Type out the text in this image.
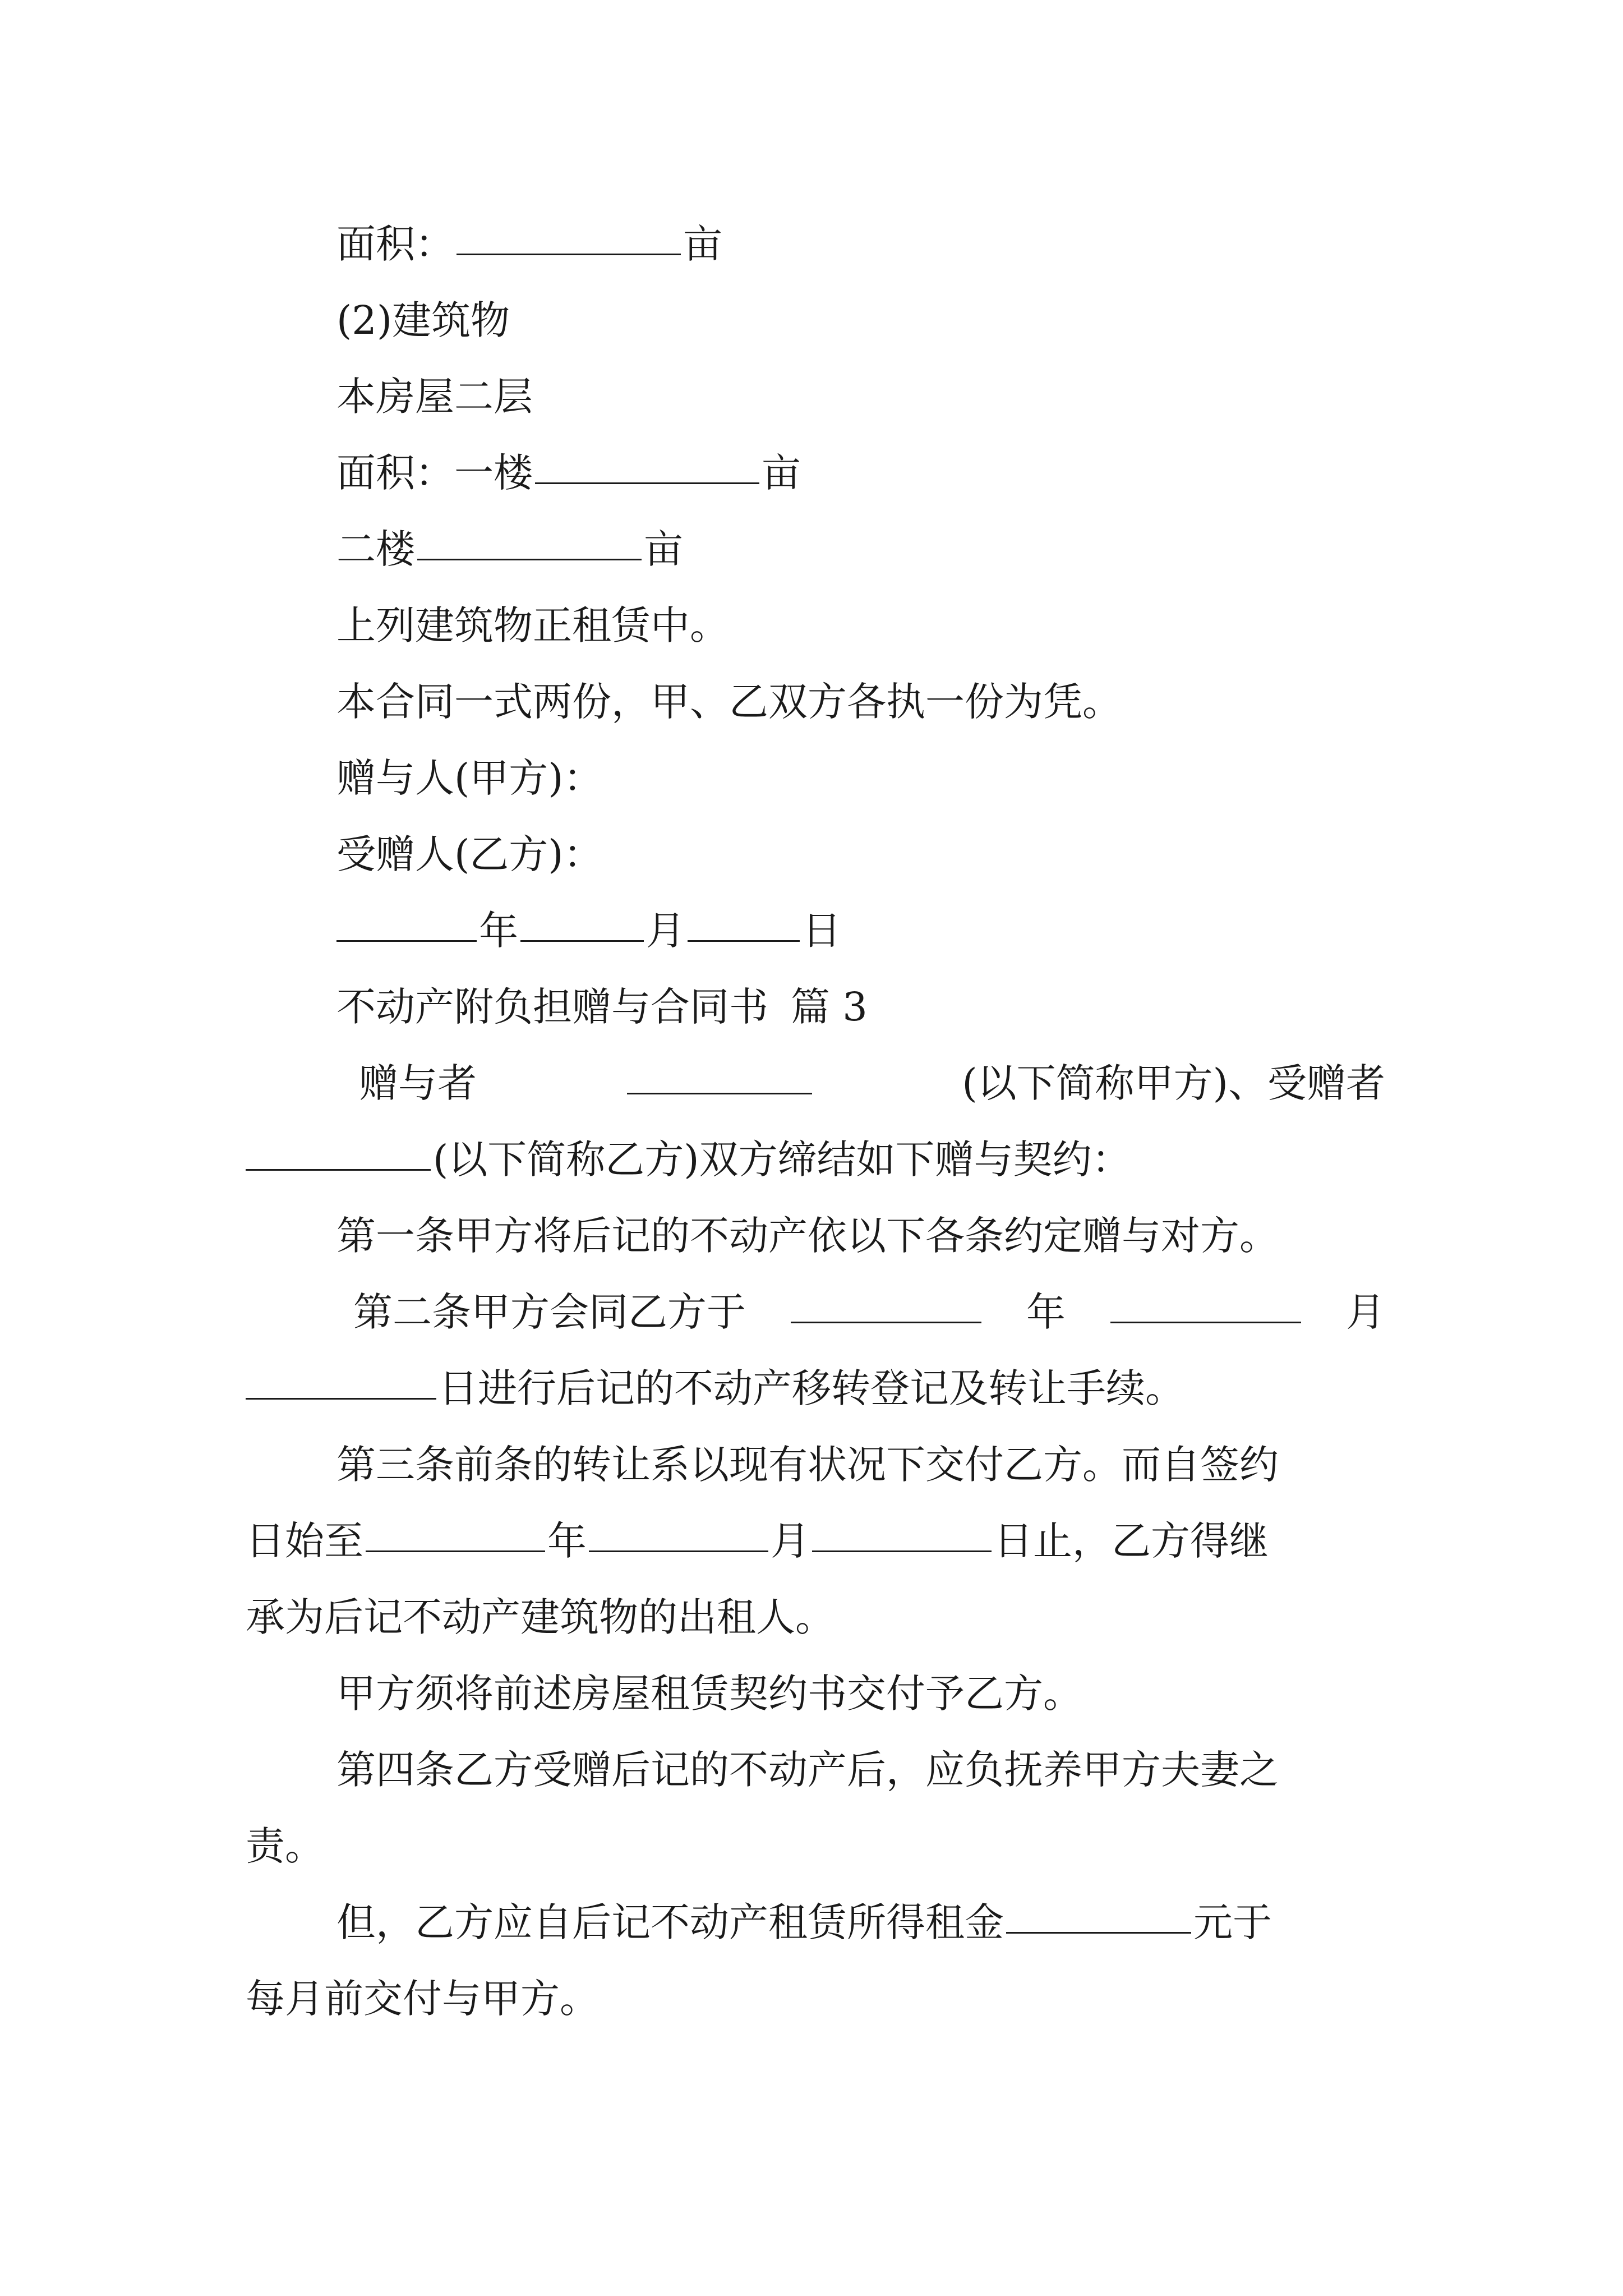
面积：	亩
(2)建筑物
本房屋二层
面积：一楼	亩
二楼	亩
上列建筑物正租赁中。
本合同一式两份，甲、乙双方各执一份为凭。
赠与人(甲方)：
受赠人(乙方)：
年	月	日
不动产附负担赠与合同书 篇 3
赠与者	(以下简称甲方)、受赠者
(以下简称乙方)双方缔结如下赠与契约：
第一条甲方将后记的不动产依以下各条约定赠与对方。
第二条甲方会同乙方于	年	月
日进行后记的不动产移转登记及转让手续。
第三条前条的转让系以现有状况下交付乙方。而自签约
日始至	年	月	日止，乙方得继
承为后记不动产建筑物的出租人。
甲方须将前述房屋租赁契约书交付予乙方。
第四条乙方受赠后记的不动产后，应负抚养甲方夫妻之
责。
但，乙方应自后记不动产租赁所得租金	元于
每月前交付与甲方。
